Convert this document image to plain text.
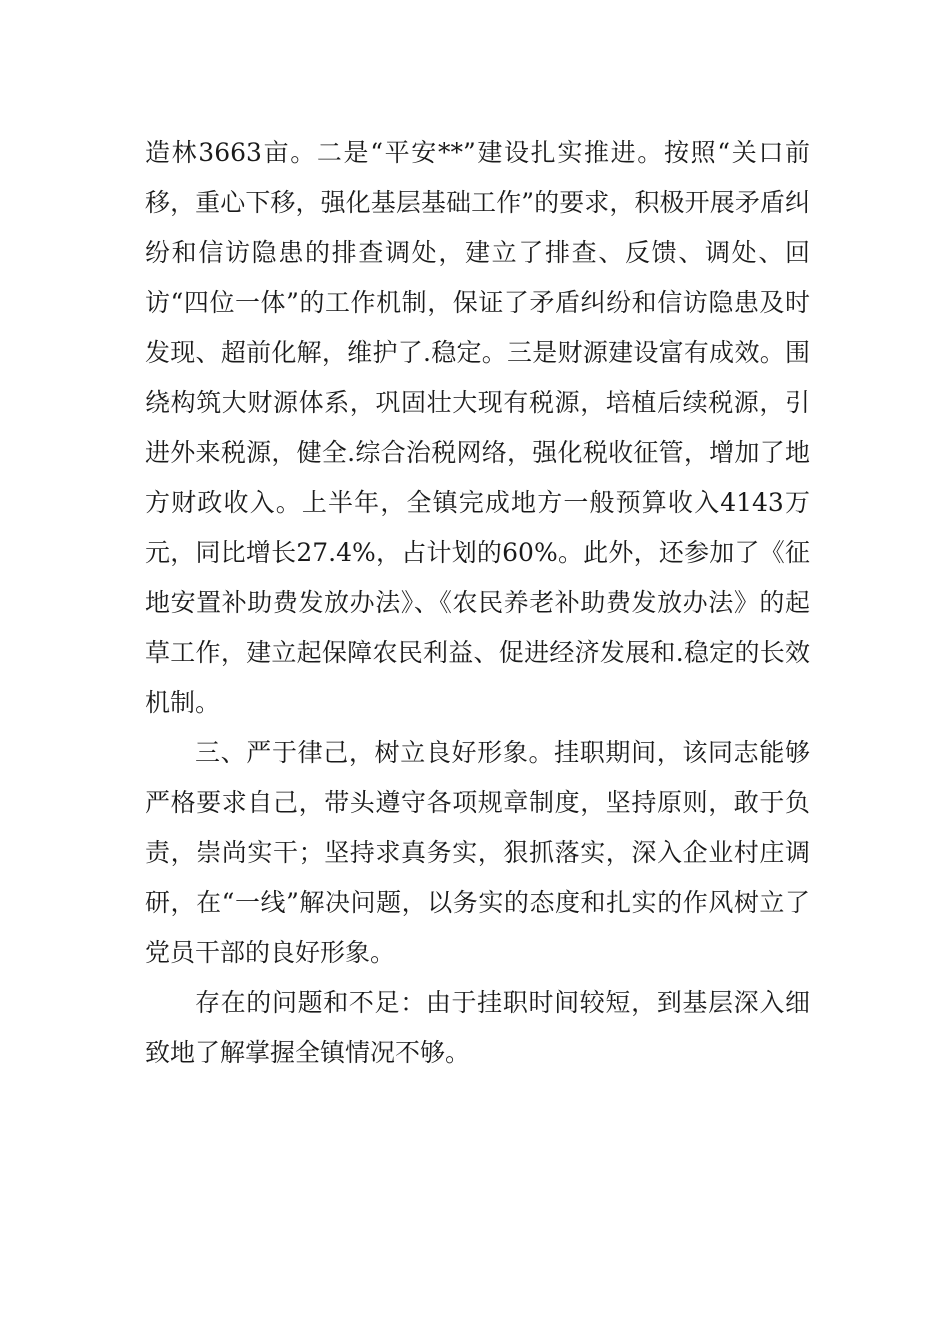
造林3663亩。二是“平安**”建设扎实推进。按照“关口前移，重心下移，强化基层基础工作”的要求，积极开展矛盾纠纷和信访隐患的排查调处，建立了排查、反馈、调处、回访“四位一体”的工作机制，保证了矛盾纠纷和信访隐患及时发现、超前化解，维护了.稳定。三是财源建设富有成效。围绕构筑大财源体系，巩固壮大现有税源，培植后续税源，引进外来税源，健全.综合治税网络，强化税收征管，增加了地方财政收入。上半年，全镇完成地方一般预算收入4143万元，同比增长27.4%，占计划的60%。此外，还参加了《征地安置补助费发放办法》、《农民养老补助费发放办法》的起草工作，建立起保障农民利益、促进经济发展和.稳定的长效机制。

三、严于律己，树立良好形象。挂职期间，该同志能够严格要求自己，带头遵守各项规章制度，坚持原则，敢于负责，崇尚实干；坚持求真务实，狠抓落实，深入企业村庄调研，在“一线”解决问题，以务实的态度和扎实的作风树立了党员干部的良好形象。

存在的问题和不足：由于挂职时间较短，到基层深入细致地了解掌握全镇情况不够。
